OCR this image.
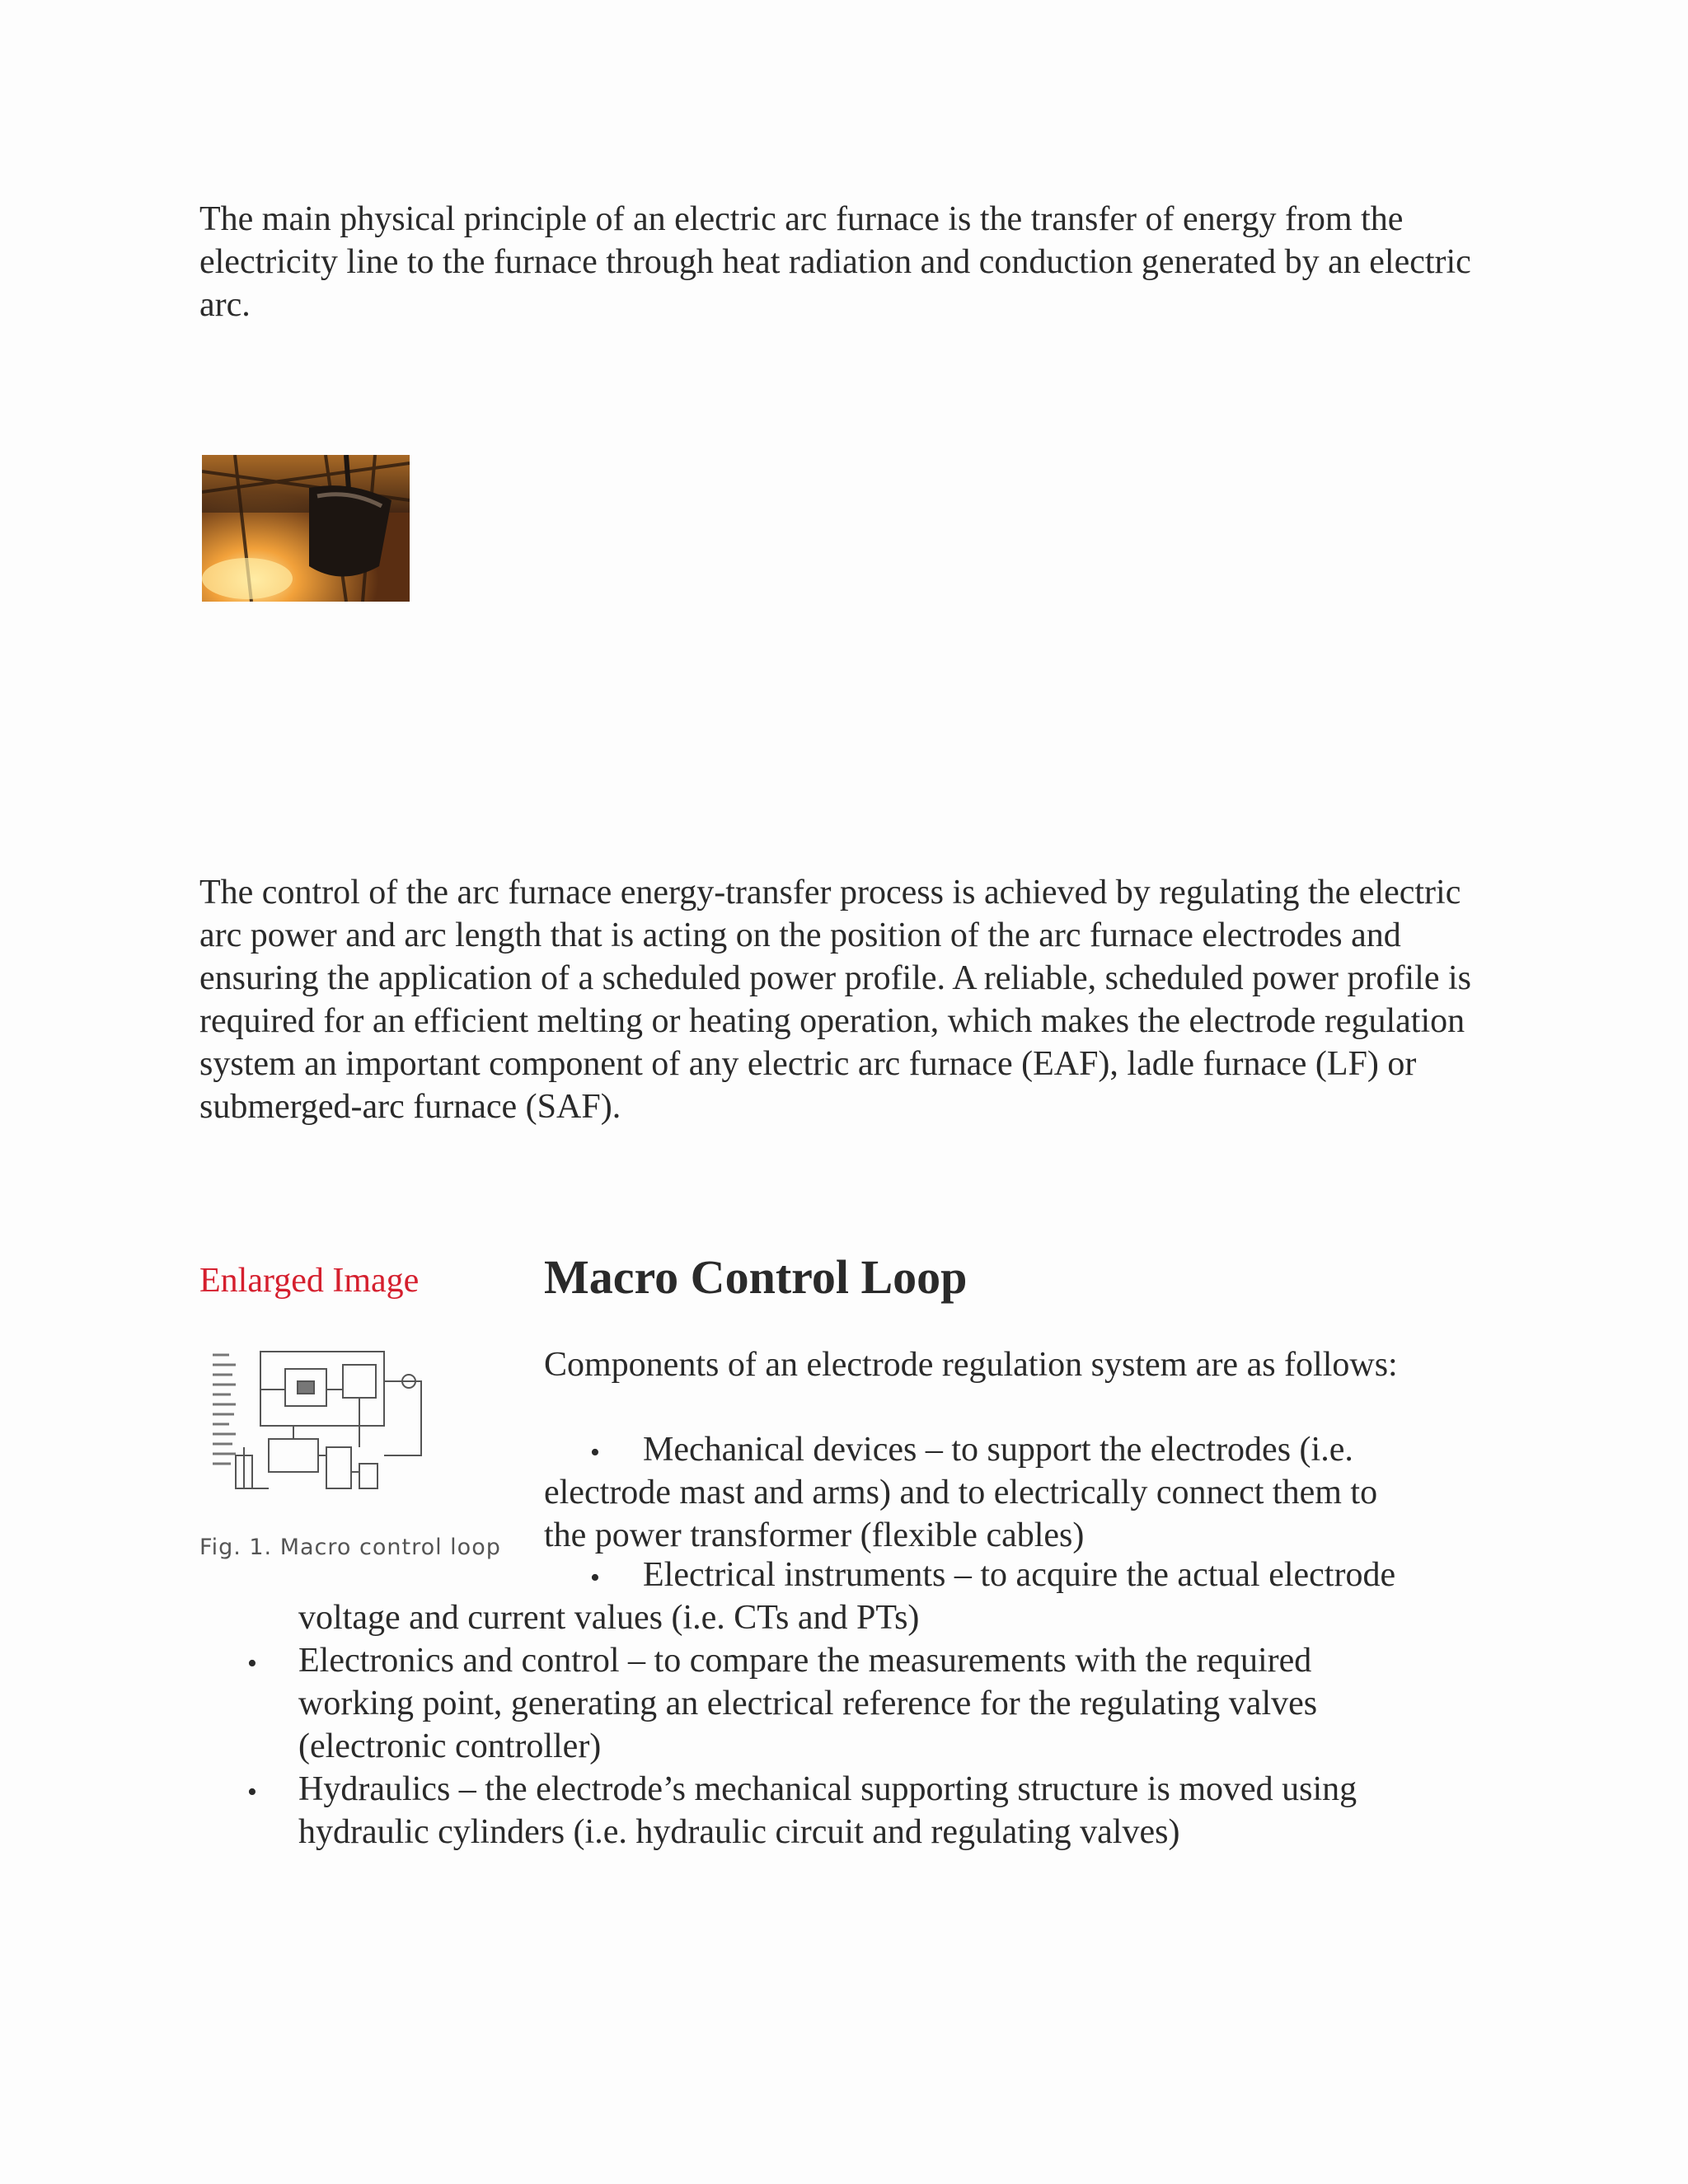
The main physical principle of an electric arc furnace is the transfer of energy from the electricity line to the furnace through heat radiation and conduction generated by an electric arc.

The control of the arc furnace energy-transfer process is achieved by regulating the electric arc power and arc length that is acting on the position of the arc furnace electrodes and ensuring the application of a scheduled power profile. A reliable, scheduled power profile is required for an efficient melting or heating operation, which makes the electrode regulation system an important component of any electric arc furnace (EAF), ladle furnace (LF) or submerged-arc furnace (SAF).

Enlarged Image
Fig. 1. Macro control loop
Macro Control Loop

Components of an electrode regulation system are as follows:

• Mechanical devices – to support the electrodes (i.e.

electrode mast and arms) and to electrically connect them to

the power transformer (flexible cables)

• Electrical instruments – to acquire the actual electrode

voltage and current values (i.e. CTs and PTs)

• Electronics and control – to compare the measurements with the required

working point, generating an electrical reference for the regulating valves

(electronic controller)

• Hydraulics – the electrode’s mechanical supporting structure is moved using

hydraulic cylinders (i.e. hydraulic circuit and regulating valves)
